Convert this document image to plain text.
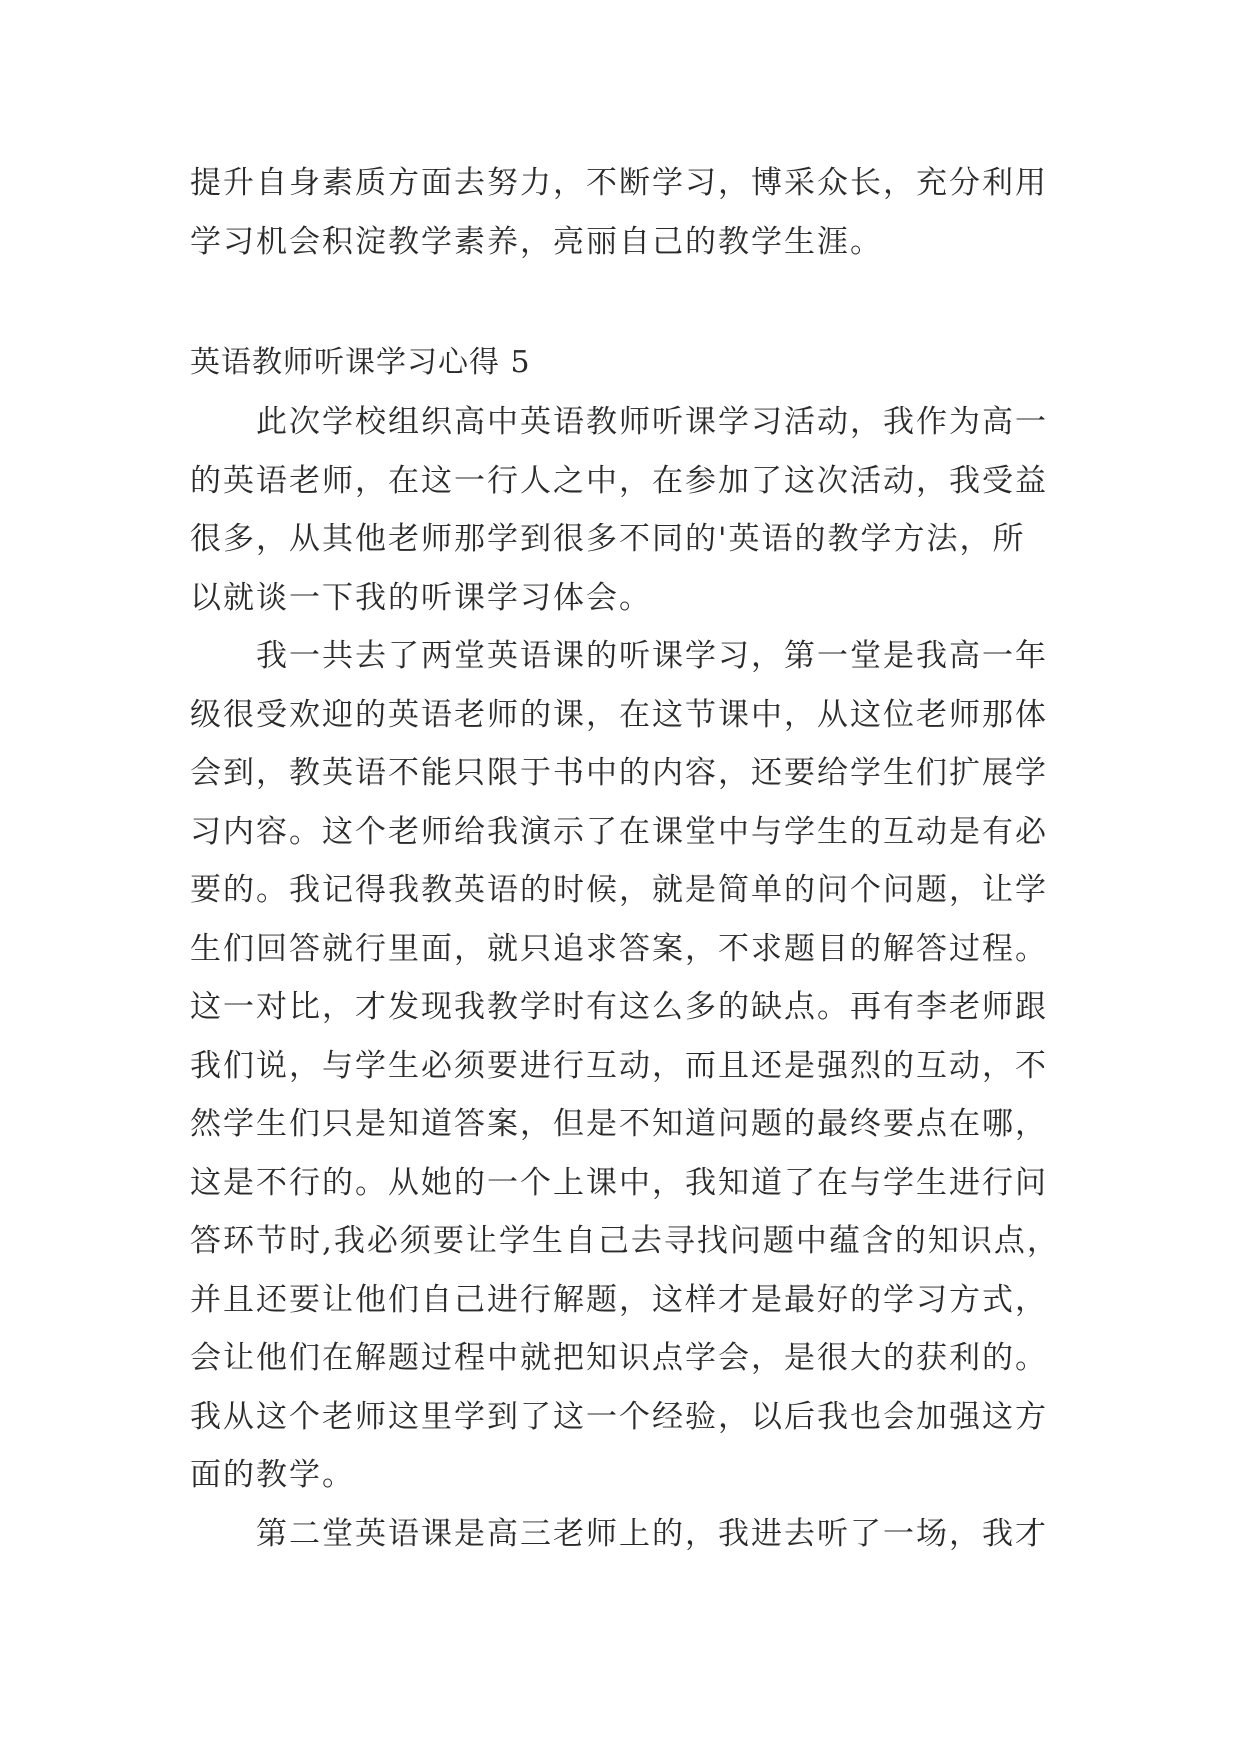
提升自身素质方面去努力，不断学习，博采众长，充分利用
学习机会积淀教学素养，亮丽自己的教学生涯。
英语教师听课学习心得 5
　　此次学校组织高中英语教师听课学习活动，我作为高一
的英语老师，在这一行人之中，在参加了这次活动，我受益
很多，从其他老师那学到很多不同的'英语的教学方法，所
以就谈一下我的听课学习体会。
　　我一共去了两堂英语课的听课学习，第一堂是我高一年
级很受欢迎的英语老师的课，在这节课中，从这位老师那体
会到，教英语不能只限于书中的内容，还要给学生们扩展学
习内容。这个老师给我演示了在课堂中与学生的互动是有必
要的。我记得我教英语的时候，就是简单的问个问题，让学
生们回答就行里面，就只追求答案，不求题目的解答过程。
这一对比，才发现我教学时有这么多的缺点。再有李老师跟
我们说，与学生必须要进行互动，而且还是强烈的互动，不
然学生们只是知道答案，但是不知道问题的最终要点在哪，
这是不行的。从她的一个上课中，我知道了在与学生进行问
答环节时,我必须要让学生自己去寻找问题中蕴含的知识点，
并且还要让他们自己进行解题，这样才是最好的学习方式，
会让他们在解题过程中就把知识点学会，是很大的获利的。
我从这个老师这里学到了这一个经验，以后我也会加强这方
面的教学。
　　第二堂英语课是高三老师上的，我进去听了一场，我才
